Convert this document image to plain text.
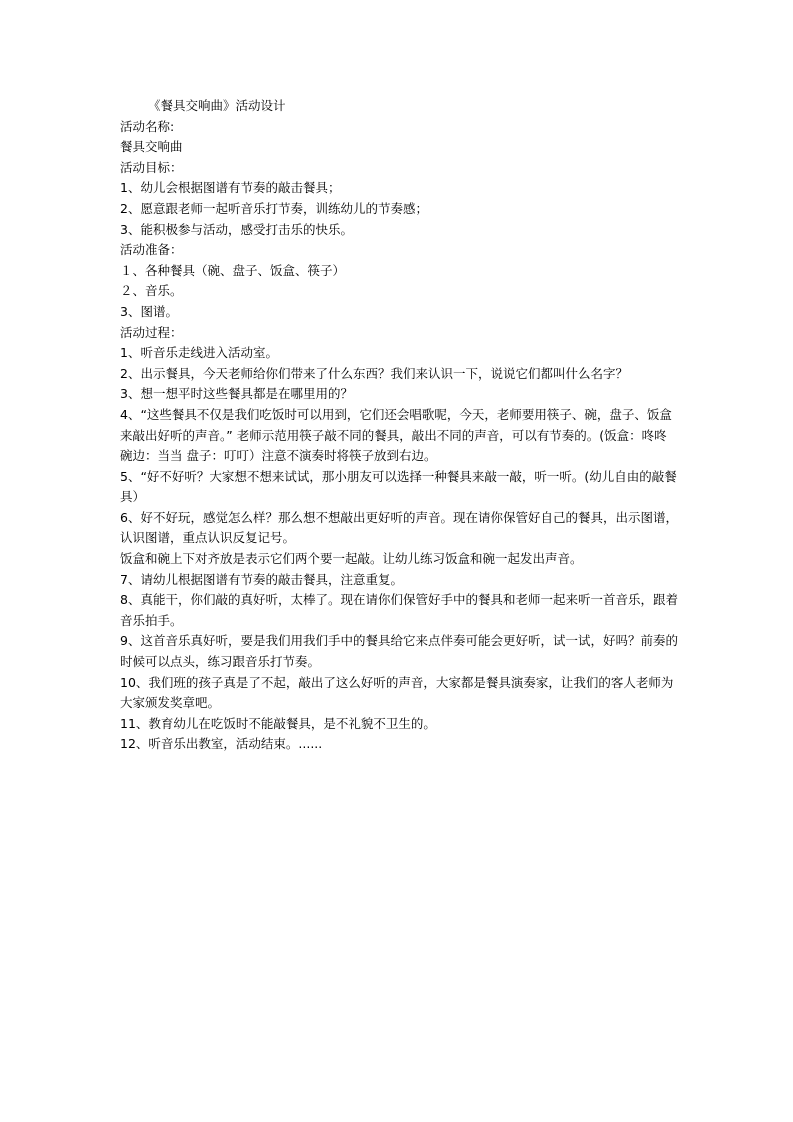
《餐具交响曲》活动设计

活动名称:

餐具交响曲

活动目标：

1、幼儿会根据图谱有节奏的敲击餐具；

2、愿意跟老师一起听音乐打节奏，训练幼儿的节奏感；

3、能积极参与活动，感受打击乐的快乐。

活动准备：

１、各种餐具（碗、盘子、饭盒、筷子）

２、音乐。

3、图谱。

活动过程：

1、听音乐走线进入活动室。

2、出示餐具，今天老师给你们带来了什么东西？我们来认识一下，说说它们都叫什么名字？

3、想一想平时这些餐具都是在哪里用的？

4、“这些餐具不仅是我们吃饭时可以用到，它们还会唱歌呢，今天，老师要用筷子、碗，盘子、饭盒来敲出好听的声音。” 老师示范用筷子敲不同的餐具，敲出不同的声音，可以有节奏的。(饭盒：咚咚 碗边：当当 盘子：叮叮）注意不演奏时将筷子放到右边。

5、“好不好听？大家想不想来试试，那小朋友可以选择一种餐具来敲一敲，听一听。(幼儿自由的敲餐具）

6、好不好玩，感觉怎么样？那么想不想敲出更好听的声音。现在请你保管好自己的餐具，出示图谱，认识图谱，重点认识反复记号。

饭盒和碗上下对齐放是表示它们两个要一起敲。让幼儿练习饭盒和碗一起发出声音。

7、请幼儿根据图谱有节奏的敲击餐具，注意重复。

8、真能干，你们敲的真好听，太棒了。现在请你们保管好手中的餐具和老师一起来听一首音乐，跟着音乐拍手。

9、这首音乐真好听，要是我们用我们手中的餐具给它来点伴奏可能会更好听，试一试，好吗？前奏的时候可以点头，练习跟音乐打节奏。

10、我们班的孩子真是了不起，敲出了这么好听的声音，大家都是餐具演奏家，让我们的客人老师为大家颁发奖章吧。

11、教育幼儿在吃饭时不能敲餐具，是不礼貌不卫生的。

12、听音乐出教室，活动结束。......
